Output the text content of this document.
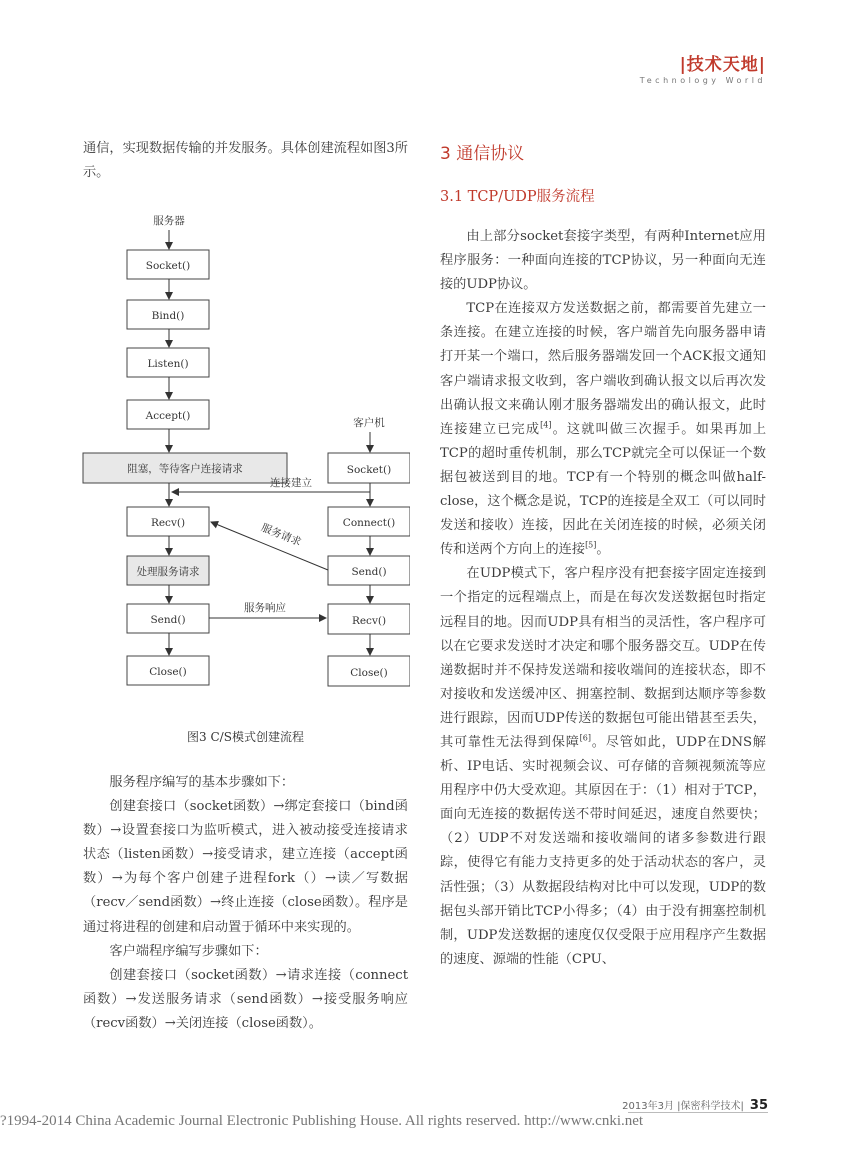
|技术天地|
Technology World

通信，实现数据传输的并发服务。具体创建流程如图3所示。

服务器
Socket()
Bind()
Listen()
Accept()
阻塞，等待客户连接请求
客户机
Socket()
连接建立
Recv()	Connect()
处理服务请求	Send()
服务请求
Send()	Recv()
服务响应
Close()	Close()
图3 C/S模式创建流程

服务程序编写的基本步骤如下：

创建套接口（socket函数）→绑定套接口（bind函数）→设置套接口为监听模式，进入被动接受连接请求状态（listen函数）→接受请求，建立连接（accept函数）→为每个客户创建子进程fork（）→读／写数据（recv／send函数）→终止连接（close函数）。程序是通过将进程的创建和启动置于循环中来实现的。

客户端程序编写步骤如下：

创建套接口（socket函数）→请求连接（connect函数）→发送服务请求（send函数）→接受服务响应（recv函数）→关闭连接（close函数）。

3 通信协议
3.1 TCP/UDP服务流程

由上部分socket套接字类型，有两种Internet应用程序服务：一种面向连接的TCP协议，另一种面向无连接的UDP协议。

TCP在连接双方发送数据之前，都需要首先建立一条连接。在建立连接的时候，客户端首先向服务器申请打开某一个端口，然后服务器端发回一个ACK报文通知客户端请求报文收到，客户端收到确认报文以后再次发出确认报文来确认刚才服务器端发出的确认报文，此时连接建立已完成[4]。这就叫做三次握手。如果再加上TCP的超时重传机制，那么TCP就完全可以保证一个数据包被送到目的地。TCP有一个特别的概念叫做half-close，这个概念是说，TCP的连接是全双工（可以同时发送和接收）连接，因此在关闭连接的时候，必须关闭传和送两个方向上的连接[5]。

在UDP模式下，客户程序没有把套接字固定连接到一个指定的远程端点上，而是在每次发送数据包时指定远程目的地。因而UDP具有相当的灵活性，客户程序可以在它要求发送时才决定和哪个服务器交互。UDP在传递数据时并不保持发送端和接收端间的连接状态，即不对接收和发送缓冲区、拥塞控制、数据到达顺序等参数进行跟踪，因而UDP传送的数据包可能出错甚至丢失，其可靠性无法得到保障[6]。尽管如此，UDP在DNS解析、IP电话、实时视频会议、可存储的音频视频流等应用程序中仍大受欢迎。其原因在于：（1）相对于TCP，面向无连接的数据传送不带时间延迟，速度自然要快；（2）UDP不对发送端和接收端间的诸多参数进行跟踪，使得它有能力支持更多的处于活动状态的客户，灵活性强；（3）从数据段结构对比中可以发现，UDP的数据包头部开销比TCP小得多；（4）由于没有拥塞控制机制，UDP发送数据的速度仅仅受限于应用程序产生数据的速度、源端的性能（CPU、

2013年3月 |保密科学技术| 35
?1994-2014 China Academic Journal Electronic Publishing House. All rights reserved. http://www.cnki.net
